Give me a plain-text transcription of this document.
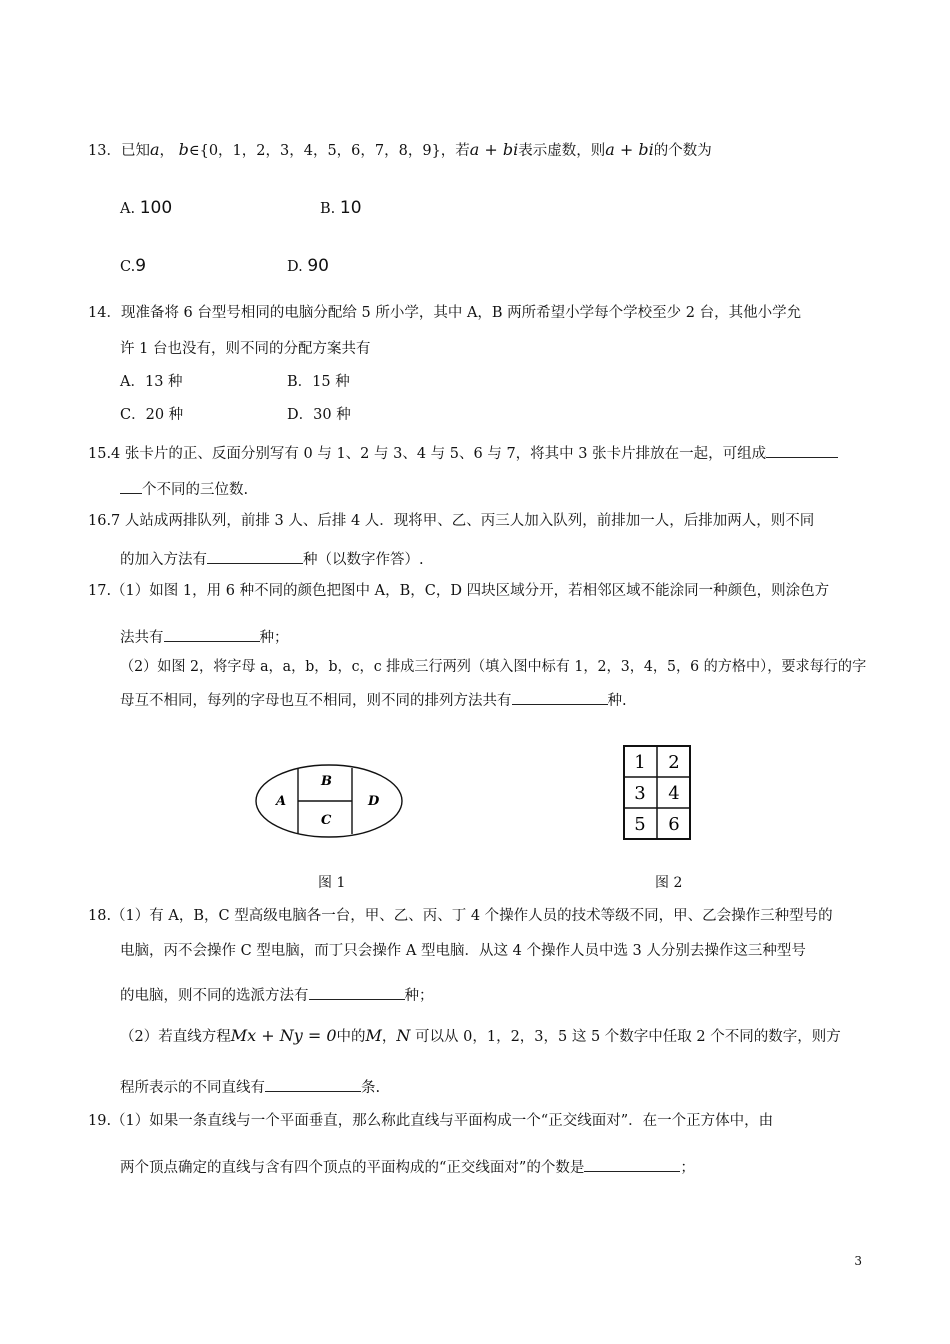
13．已知a， b∈{0，1，2，3，4，5，6，7，8，9}，若a + bi表示虚数，则a + bi的个数为
A. 100	B. 10
C.9	D. 90
14．现准备将 6 台型号相同的电脑分配给 5 所小学，其中 A，B 两所希望小学每个学校至少 2 台，其他小学允
许 1 台也没有，则不同的分配方案共有
A．13 种	B．15 种
C．20 种	D．30 种
15.4 张卡片的正、反面分别写有 0 与 1、2 与 3、4 与 5、6 与 7，将其中 3 张卡片排放在一起，可组成
个不同的三位数.
16.7 人站成两排队列，前排 3 人、后排 4 人．现将甲、乙、丙三人加入队列，前排加一人，后排加两人，则不同
的加入方法有	种（以数字作答）.
17.（1）如图 1，用 6 种不同的颜色把图中 A，B，C，D 四块区域分开，若相邻区域不能涂同一种颜色，则涂色方
法共有	种；
（2）如图 2，将字母 a，a，b，b，c，c 排成三行两列（填入图中标有 1，2，3，4，5，6 的方格中），要求每行的字
母互不相同，每列的字母也互不相同，则不同的排列方法共有	种.
A
B
C
D
图 1
1 2
3 4
5 6
图 2
18.（1）有 A，B，C 型高级电脑各一台，甲、乙、丙、丁 4 个操作人员的技术等级不同，甲、乙会操作三种型号的
电脑，丙不会操作 C 型电脑，而丁只会操作 A 型电脑．从这 4 个操作人员中选 3 人分别去操作这三种型号
的电脑，则不同的选派方法有	种；
（2）若直线方程Mx + Ny = 0中的M，N 可以从 0，1，2，3，5 这 5 个数字中任取 2 个不同的数字，则方
程所表示的不同直线有	条.
19.（1）如果一条直线与一个平面垂直，那么称此直线与平面构成一个“正交线面对”．在一个正方体中，由
两个顶点确定的直线与含有四个顶点的平面构成的“正交线面对”的个数是	；
3
